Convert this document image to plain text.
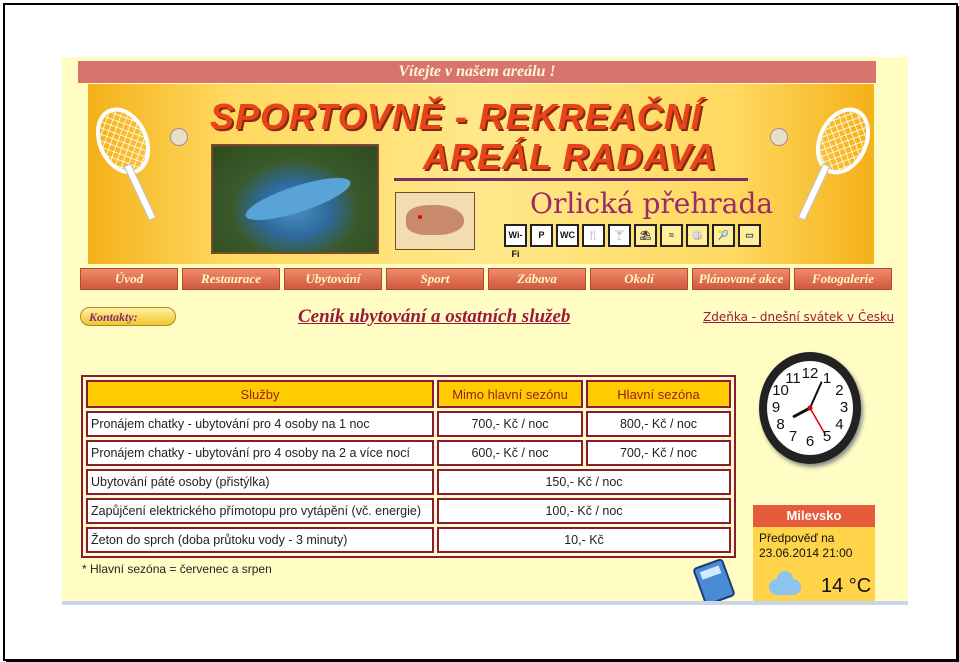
Vítejte v našem areálu !
SPORTOVNĚ - REKREAČNÍ
AREÁL RADAVA
Orlická přehrada
Wi-Fi
P	WC	🍴	🍸	⛱	≈	🏐	🎾	▭
Úvod	Restaurace	Ubytování	Sport	Zábava	Okolí	Plánované akce	Fotogalerie
Kontakty:	Ceník ubytování a ostatních služeb	Zdeňka - dnešní svátek v Česku
Služby	Mimo hlavní sezónu	Hlavní sezóna
Pronájem chatky - ubytování pro 4 osoby na 1 noc	700,- Kč / noc	800,- Kč / noc
Pronájem chatky - ubytování pro 4 osoby na 2 a více nocí	600,- Kč / noc	700,- Kč / noc
Ubytování páté osoby (přistýlka)	150,- Kč / noc	
Zapůjčení elektrického přímotopu pro vytápění (vč. energie)	100,- Kč / noc	
Žeton do sprch (doba průtoku vody - 3 minuty)	10,- Kč	
* Hlavní sezóna = červenec a srpen
12 1
2
3
4
5
6
7
8
9
10
11
Milevsko
Předpověď na
23.06.2014 21:00
14 °C
